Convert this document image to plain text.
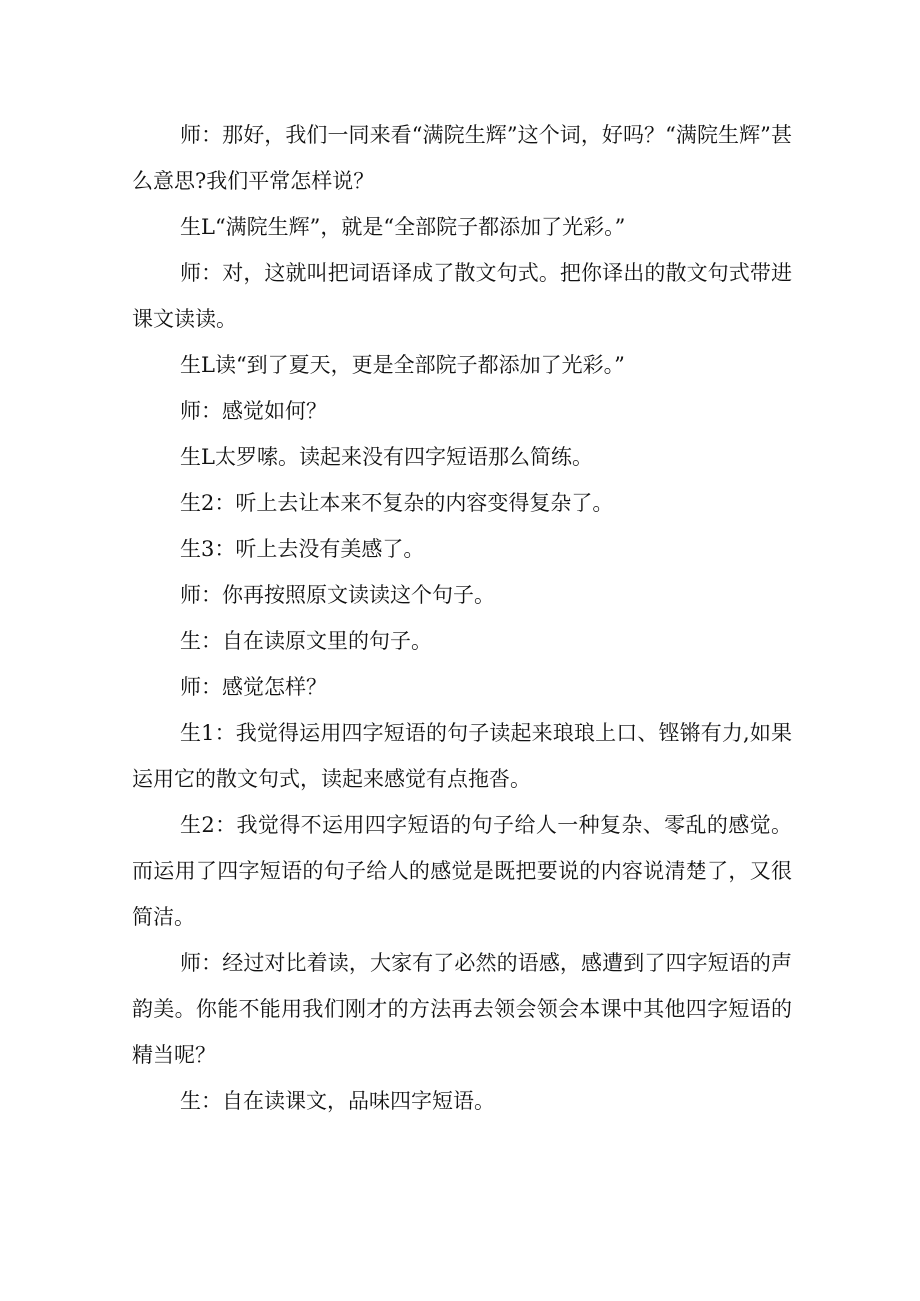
师：那好，我们一同来看“满院生辉”这个词，好吗？“满院生辉”甚么意思?我们平常怎样说？

生L“满院生辉”，就是“全部院子都添加了光彩。”

师：对，这就叫把词语译成了散文句式。把你译出的散文句式带进课文读读。

生L读“到了夏天，更是全部院子都添加了光彩。”

师：感觉如何？

生L太罗嗦。读起来没有四字短语那么简练。

生2：听上去让本来不复杂的内容变得复杂了。

生3：听上去没有美感了。

师：你再按照原文读读这个句子。

生：自在读原文里的句子。

师：感觉怎样？

生1：我觉得运用四字短语的句子读起来琅琅上口、铿锵有力,如果运用它的散文句式，读起来感觉有点拖沓。

生2：我觉得不运用四字短语的句子给人一种复杂、零乱的感觉。而运用了四字短语的句子给人的感觉是既把要说的内容说清楚了，又很简洁。

师：经过对比着读，大家有了必然的语感，感遭到了四字短语的声韵美。你能不能用我们刚才的方法再去领会领会本课中其他四字短语的精当呢？

生：自在读课文，品味四字短语。
